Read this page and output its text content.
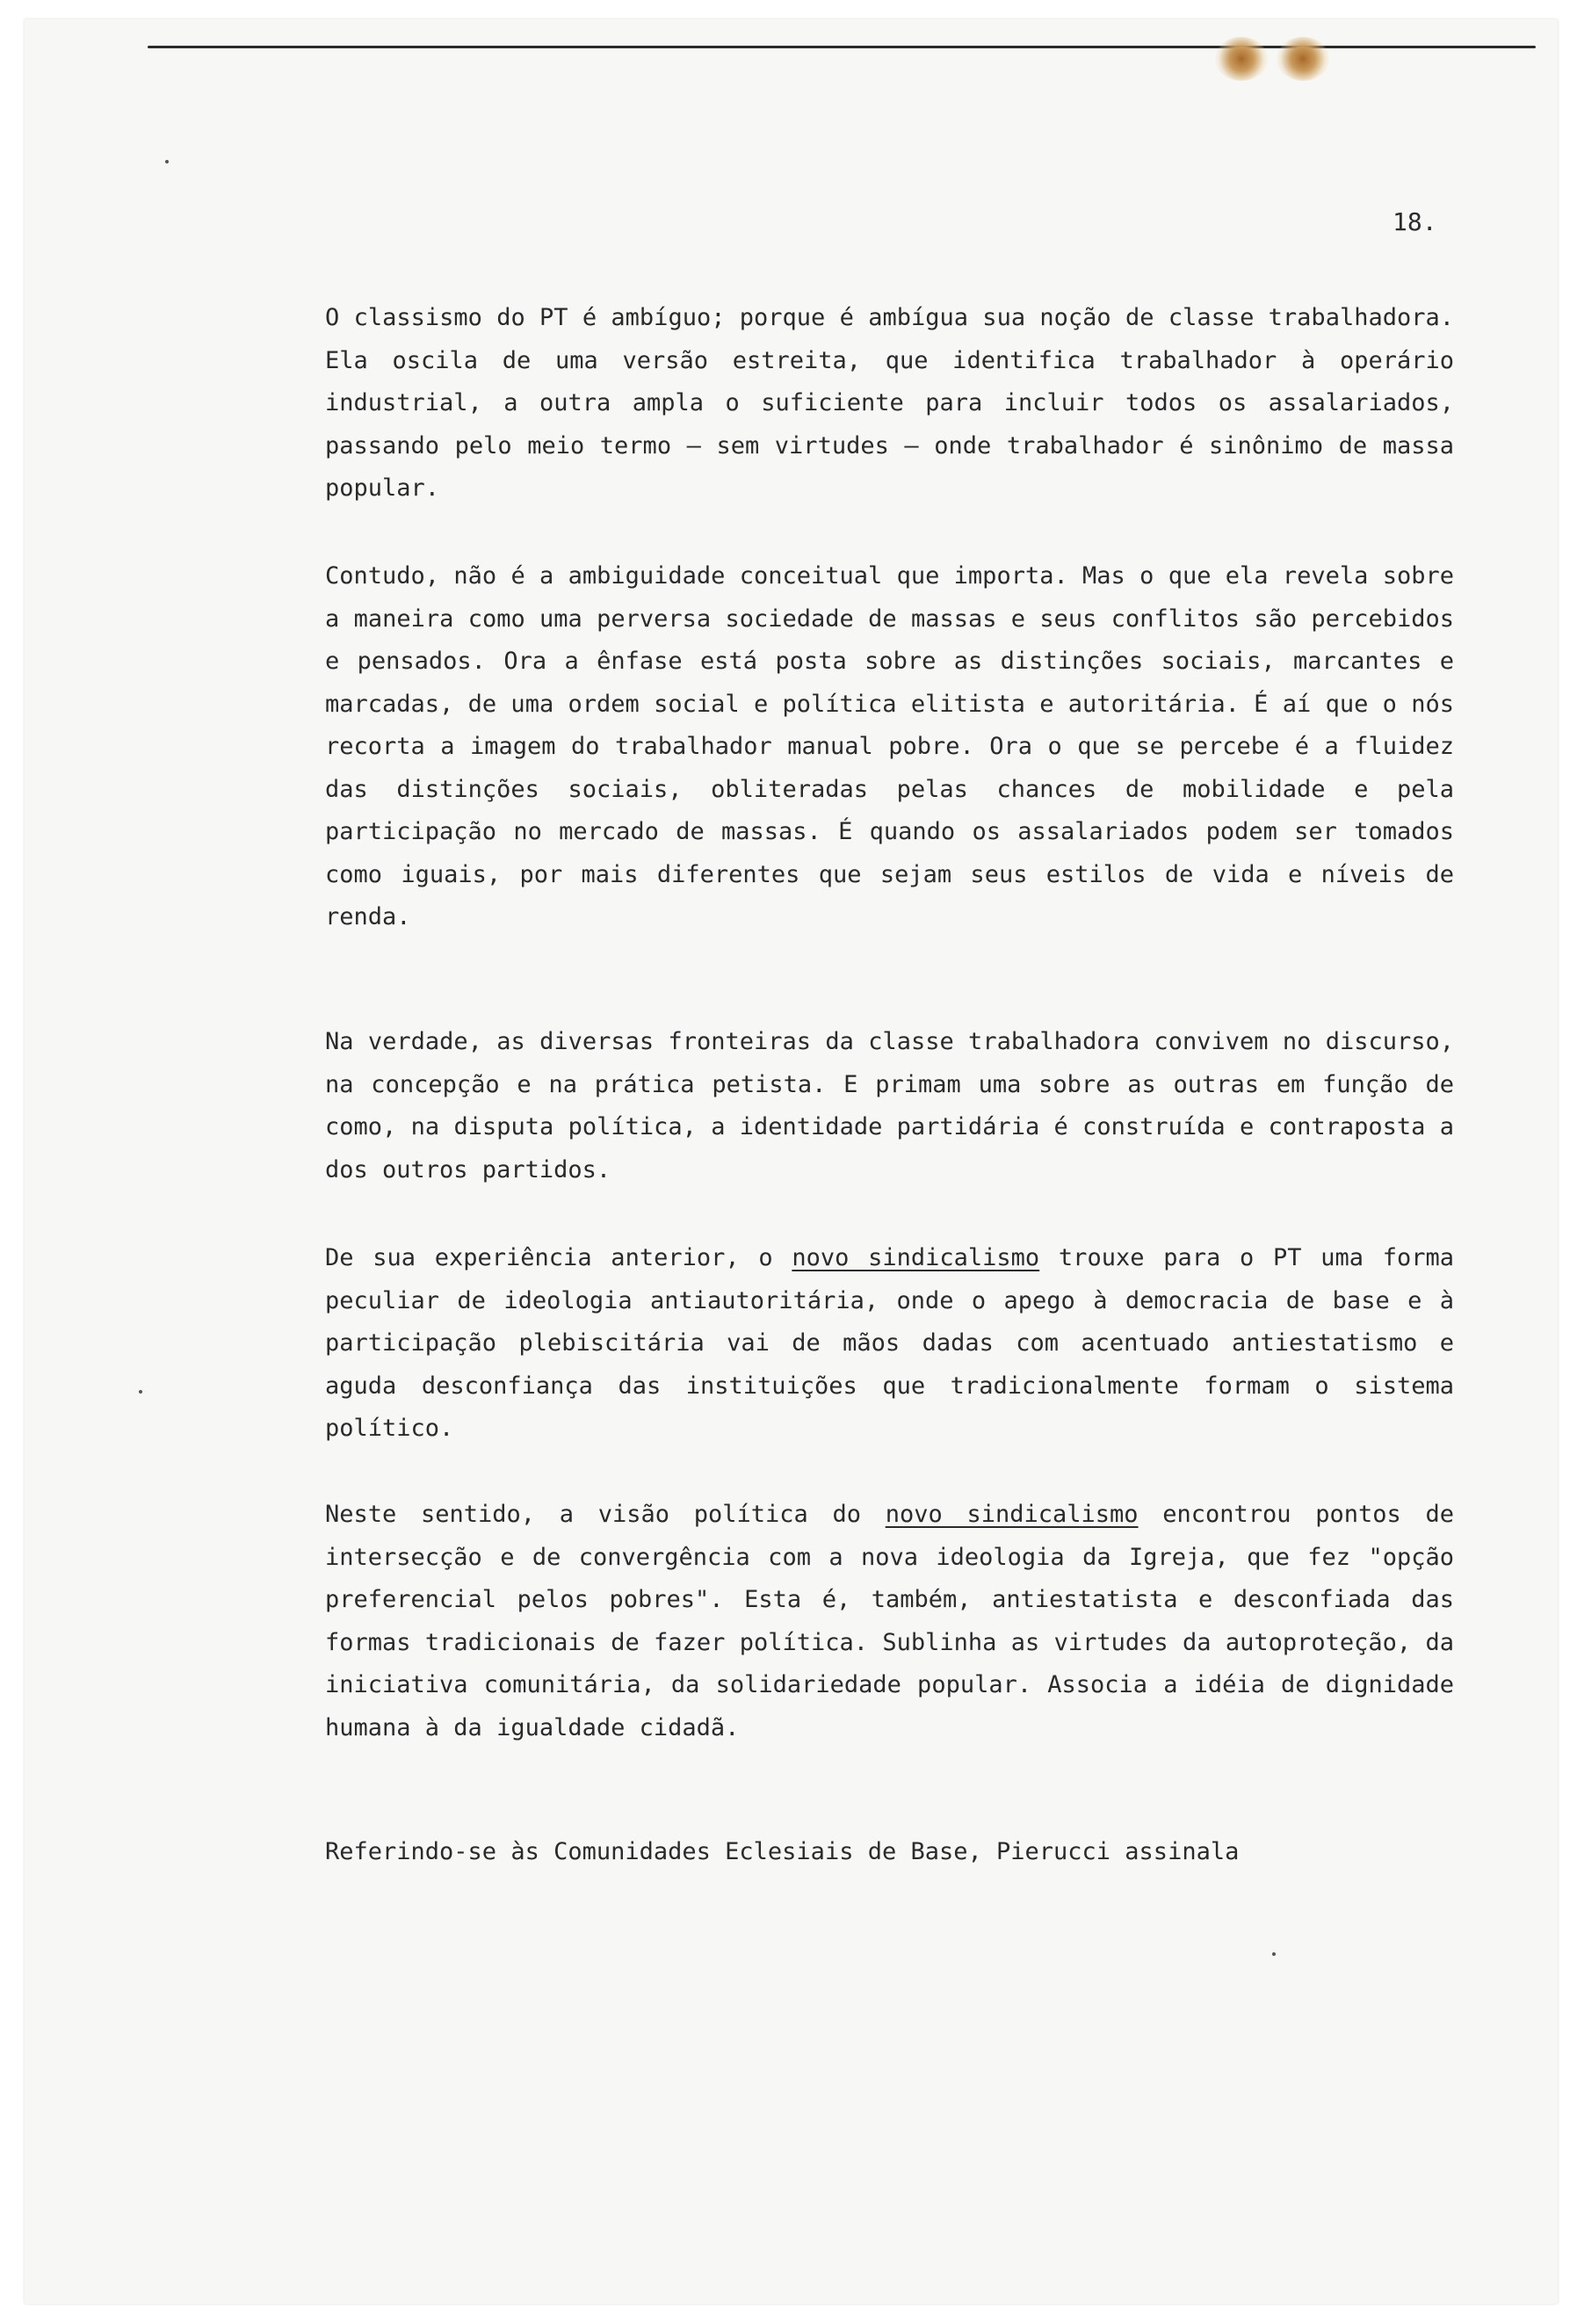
18.

O classismo do PT é ambíguo; porque é ambígua sua noção de classe trabalhadora. Ela oscila de uma versão estreita, que identifica trabalhador à operário industrial, a outra ampla o suficiente para incluir todos os assalariados, passando pelo meio termo — sem virtudes — onde trabalhador é sinônimo de massa popular.

Contudo, não é a ambiguidade conceitual que importa. Mas o que ela revela sobre a maneira como uma perversa sociedade de massas e seus conflitos são percebidos e pensados. Ora a ênfase está posta sobre as distinções sociais, marcantes e marcadas, de uma ordem social e política elitista e autoritária. É aí que o nós recorta a imagem do trabalhador manual pobre. Ora o que se percebe é a fluidez das distinções sociais, obliteradas pelas chances de mobilidade e pela participação no mercado de massas. É quando os assalariados podem ser tomados como iguais, por mais diferentes que sejam seus estilos de vida e níveis de renda.

Na verdade, as diversas fronteiras da classe trabalhadora convivem no discurso, na concepção e na prática petista. E primam uma sobre as outras em função de como, na disputa política, a identidade partidária é construída e contraposta a dos outros partidos.

De sua experiência anterior, o novo sindicalismo trouxe para o PT uma forma peculiar de ideologia antiautoritária, onde o apego à democracia de base e à participação plebiscitária vai de mãos dadas com acentuado antiestatismo e aguda desconfiança das instituições que tradicionalmente formam o sistema político.

Neste sentido, a visão política do novo sindicalismo encontrou pontos de intersecção e de convergência com a nova ideologia da Igreja, que fez "opção preferencial pelos pobres". Esta é, também, antiestatista e desconfiada das formas tradicionais de fazer política. Sublinha as virtudes da autoproteção, da iniciativa comunitária, da solidariedade popular. Associa a idéia de dignidade humana à da igualdade cidadã.

Referindo-se às Comunidades Eclesiais de Base, Pierucci assinala
